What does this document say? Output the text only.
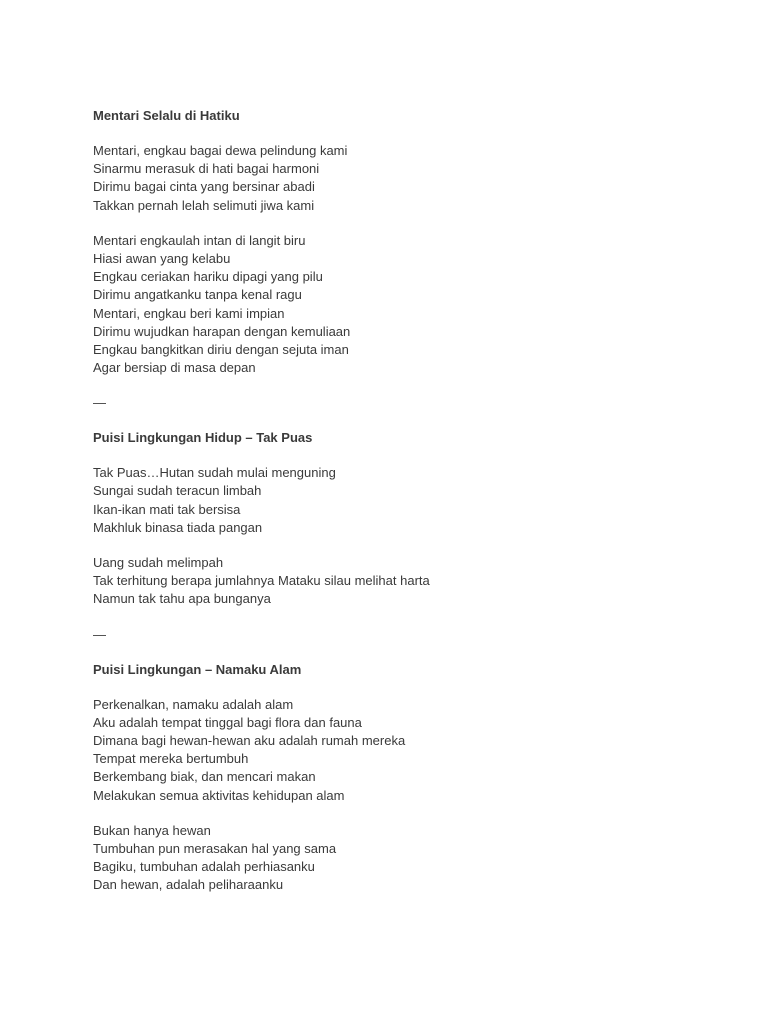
Mentari Selalu di Hatiku
Mentari, engkau bagai dewa pelindung kami
Sinarmu merasuk di hati bagai harmoni
Dirimu bagai cinta yang bersinar abadi
Takkan pernah lelah selimuti jiwa kami
Mentari engkaulah intan di langit biru
Hiasi awan yang kelabu
Engkau ceriakan hariku dipagi yang pilu
Dirimu angatkanku tanpa kenal ragu
Mentari, engkau beri kami impian
Dirimu wujudkan harapan dengan kemuliaan
Engkau bangkitkan diriu dengan sejuta iman
Agar bersiap di masa depan
—
Puisi Lingkungan Hidup – Tak Puas
Tak Puas…Hutan sudah mulai menguning
Sungai sudah teracun limbah
Ikan-ikan mati tak bersisa
Makhluk binasa tiada pangan
Uang sudah melimpah
Tak terhitung berapa jumlahnya Mataku silau melihat harta
Namun tak tahu apa bunganya
—
Puisi Lingkungan – Namaku Alam
Perkenalkan, namaku adalah alam
Aku adalah tempat tinggal bagi flora dan fauna
Dimana bagi hewan-hewan aku adalah rumah mereka
Tempat mereka bertumbuh
Berkembang biak, dan mencari makan
Melakukan semua aktivitas kehidupan alam
Bukan hanya hewan
Tumbuhan pun merasakan hal yang sama
Bagiku, tumbuhan adalah perhiasanku
Dan hewan, adalah peliharaanku
